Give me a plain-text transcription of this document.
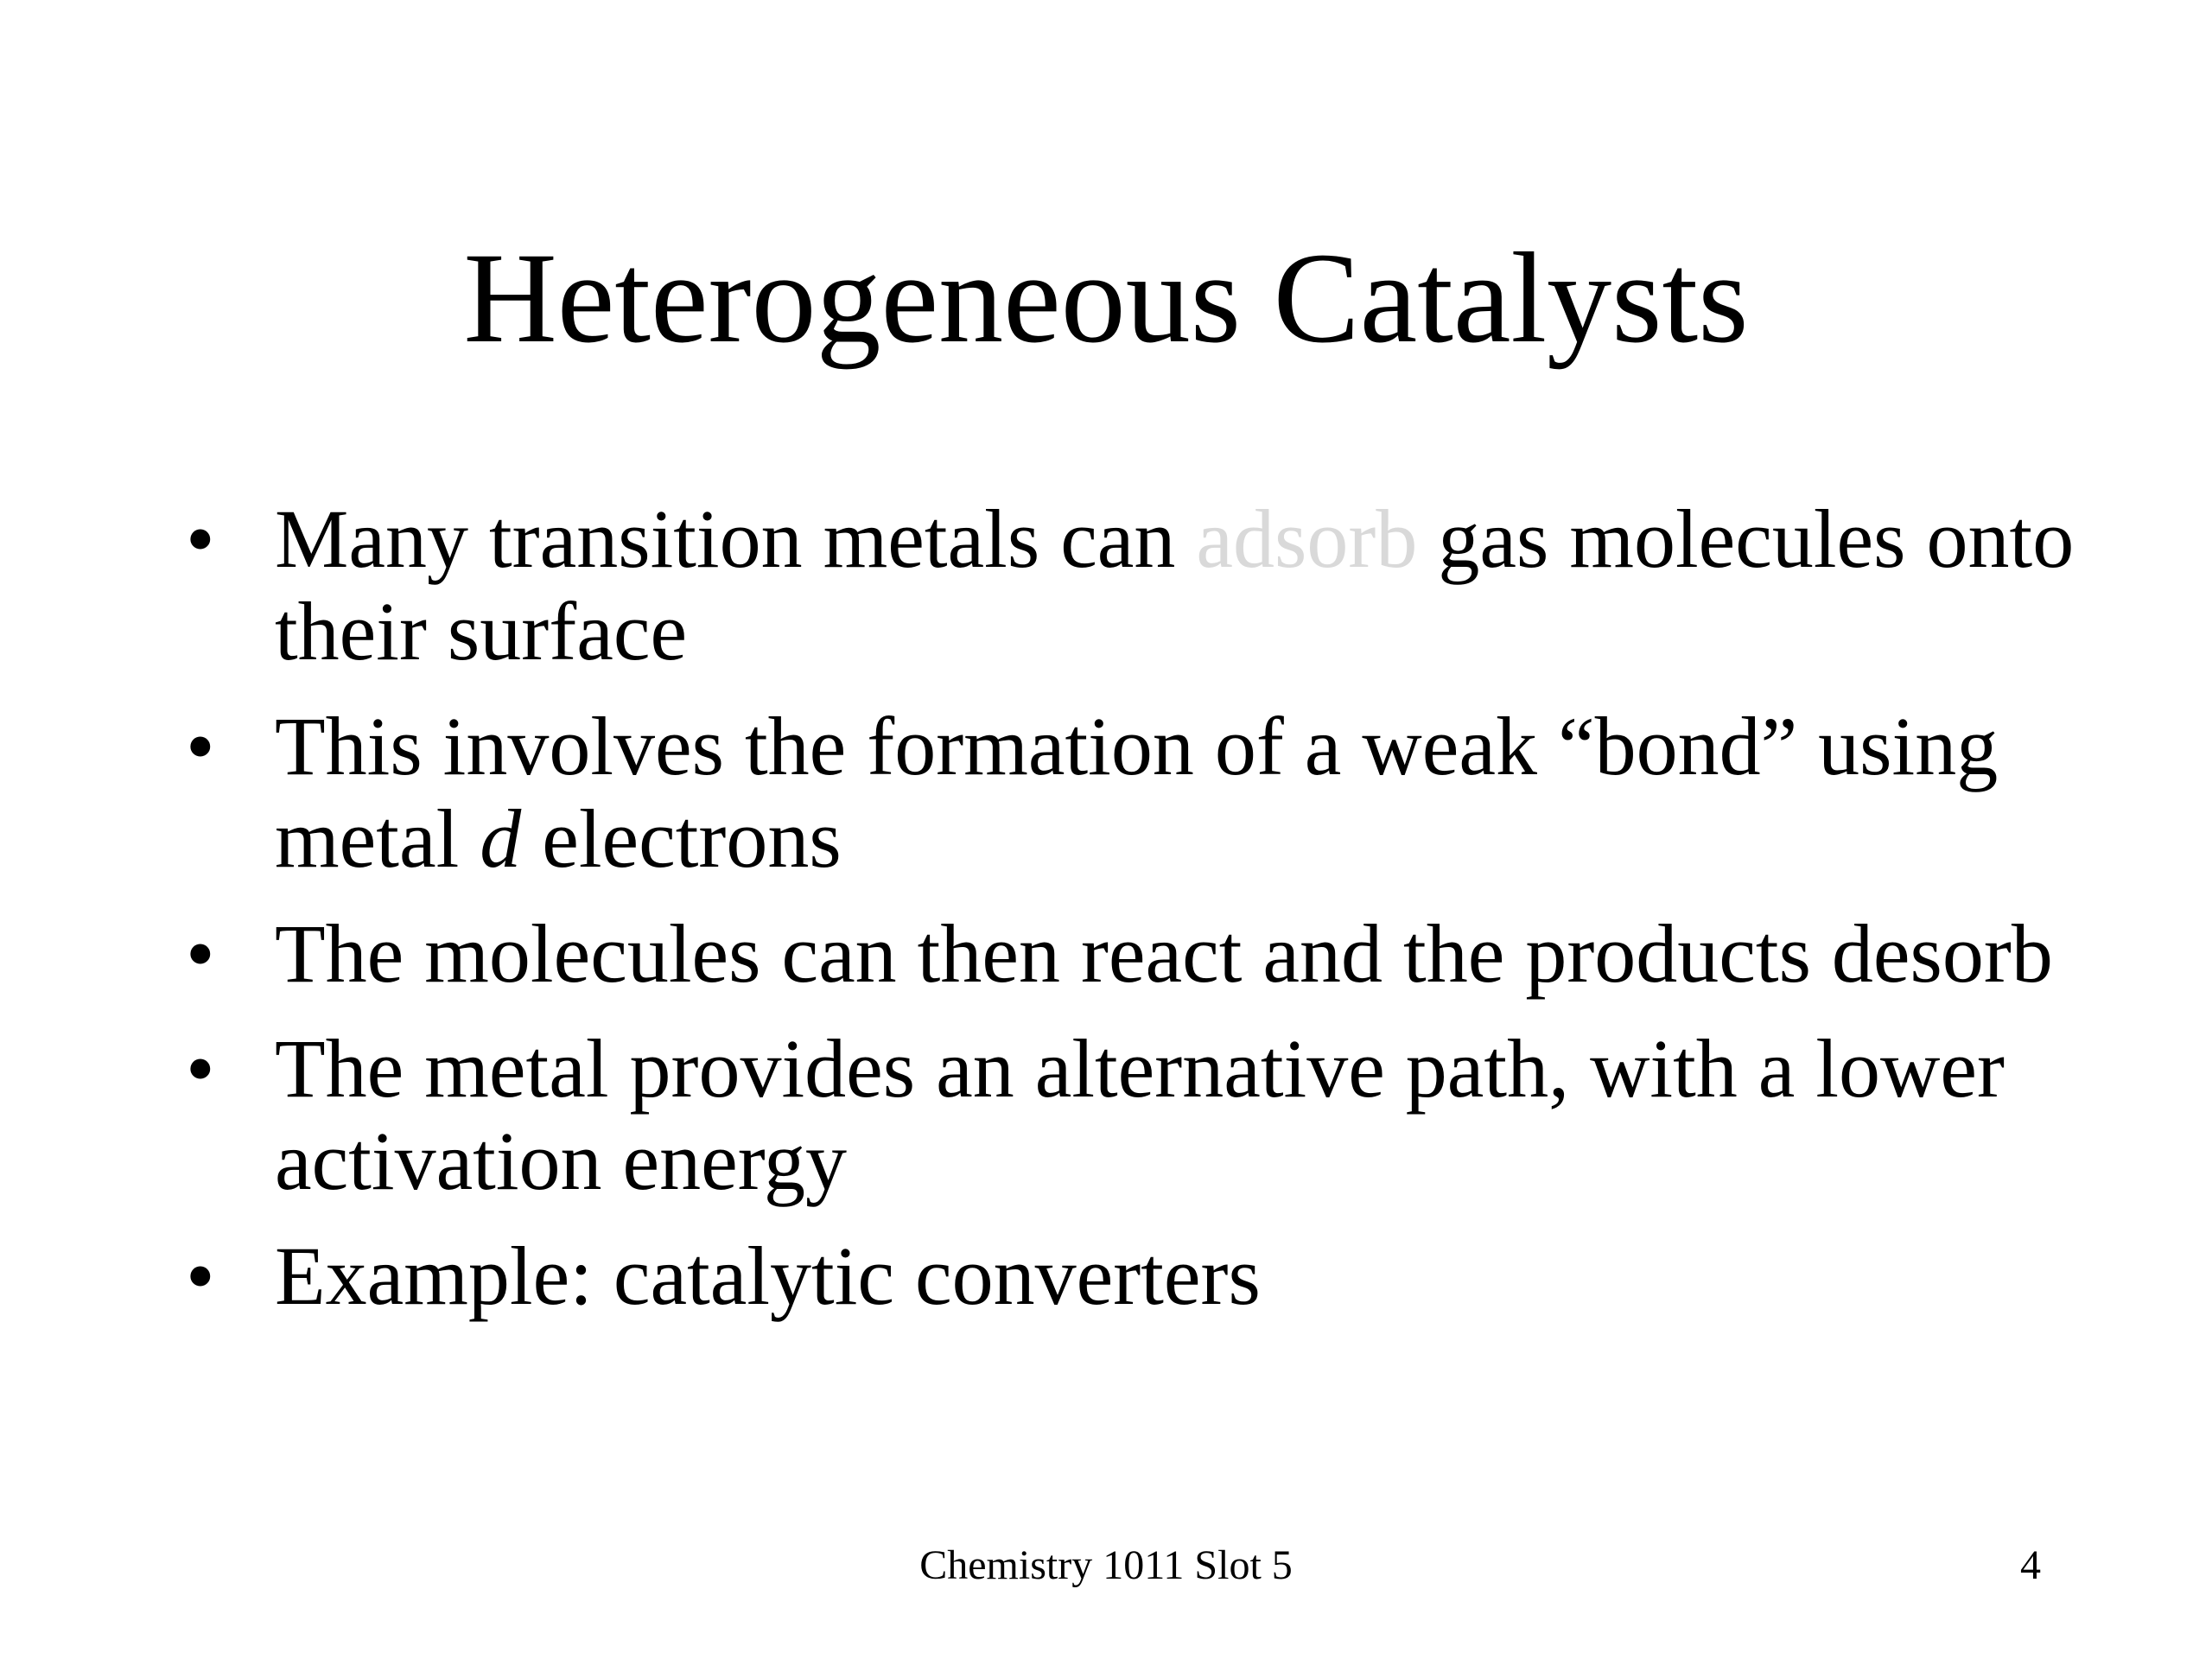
Heterogeneous Catalysts
• Many transition metals can adsorb gas molecules onto their surface
• This involves the formation of a weak “bond” using metal d electrons
• The molecules can then react and the products desorb
• The metal provides an alternative path, with a lower activation energy
• Example: catalytic converters
Chemistry 1011 Slot 5	4
